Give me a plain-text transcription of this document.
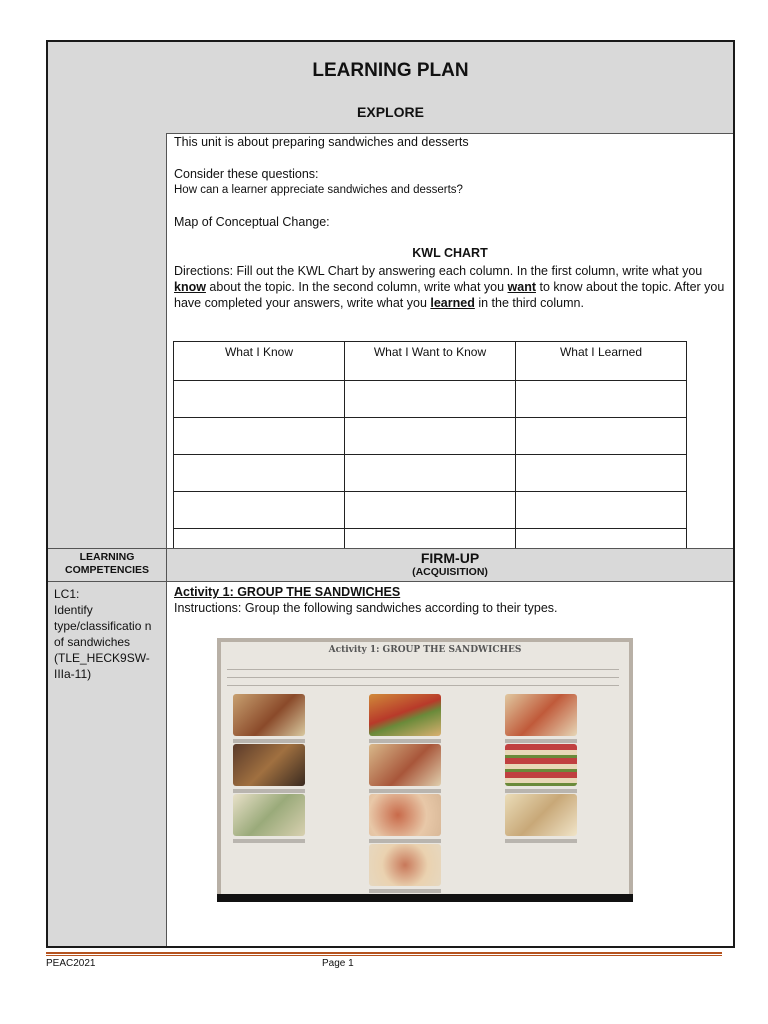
LEARNING PLAN
EXPLORE
This unit is about preparing sandwiches and desserts
Consider these questions:
How can a learner appreciate sandwiches and desserts?
Map of Conceptual Change:
KWL CHART
Directions: Fill out the KWL Chart by answering each column. In the first column, write what you know about the topic. In the second column, write what you want to know about the topic. After you have completed your answers, write what you learned in the third column.
What I Know	What I Want to Know	What I Learned

LEARNING COMPETENCIES
FIRM-UP
(ACQUISITION)
LC1:
Identify type/classificatio n of sandwiches (TLE_HECK9SW-IIIa-11)
Activity 1: GROUP THE SANDWICHES
Instructions: Group the following sandwiches according to their types.
Activity 1: GROUP THE SANDWICHES
PEAC2021	Page 1
